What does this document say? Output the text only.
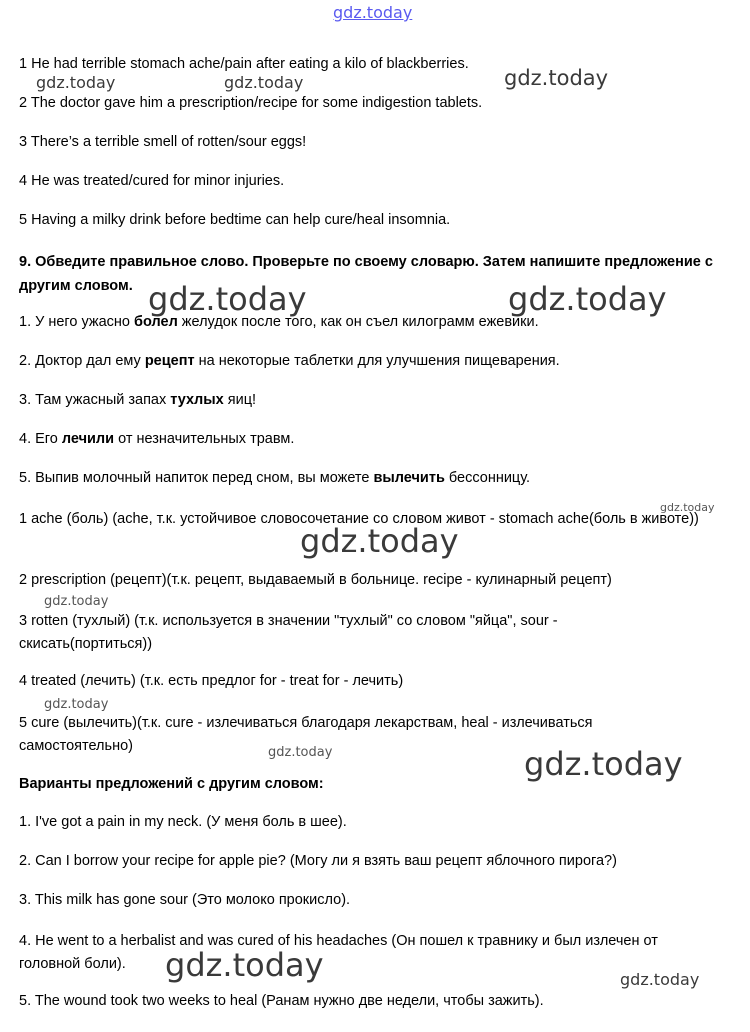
gdz.today

1 He had terrible stomach ache/pain after eating a kilo of blackberries.

2 The doctor gave him a prescription/recipe for some indigestion tablets.

3 There’s a terrible smell of rotten/sour eggs!

4 He was treated/cured for minor injuries.

5 Having a milky drink before bedtime can help cure/heal insomnia.

9. Обведите правильное слово. Проверьте по своему словарю. Затем напишите предложение с другим словом.

1. У него ужасно болел желудок после того, как он съел килограмм ежевики.

2. Доктор дал ему рецепт на некоторые таблетки для улучшения пищеварения.

3. Там ужасный запах тухлых яиц!

4. Его лечили от незначительных травм.

5. Выпив молочный напиток перед сном, вы можете вылечить бессонницу.

1 ache (боль) (ache, т.к. устойчивое словосочетание со словом живот - stomach ache(боль в животе))

2 prescription (рецепт)(т.к. рецепт, выдаваемый в больнице. recipe - кулинарный рецепт)

3 rotten (тухлый) (т.к. используется в значении "тухлый" со словом "яйца", sour - скисать(портиться))

4 treated (лечить) (т.к. есть предлог for - treat for - лечить)

5 cure (вылечить)(т.к. cure - излечиваться благодаря лекарствам, heal - излечиваться самостоятельно)

Варианты предложений с другим словом:

1. I've got a pain in my neck. (У меня боль в шее).

2. Can I borrow your recipe for apple pie? (Могу ли я взять ваш рецепт яблочного пирога?)

3. This milk has gone sour (Это молоко прокисло).

4. He went to a herbalist and was cured of his headaches (Он пошел к травнику и был излечен от головной боли).

5. The wound took two weeks to heal (Ранам нужно две недели, чтобы зажить).

gdz.today	gdz.today	gdz.today
gdz.today	gdz.today
gdz.today
gdz.today
gdz.today
gdz.today
gdz.today	gdz.today
gdz.today	gdz.today
